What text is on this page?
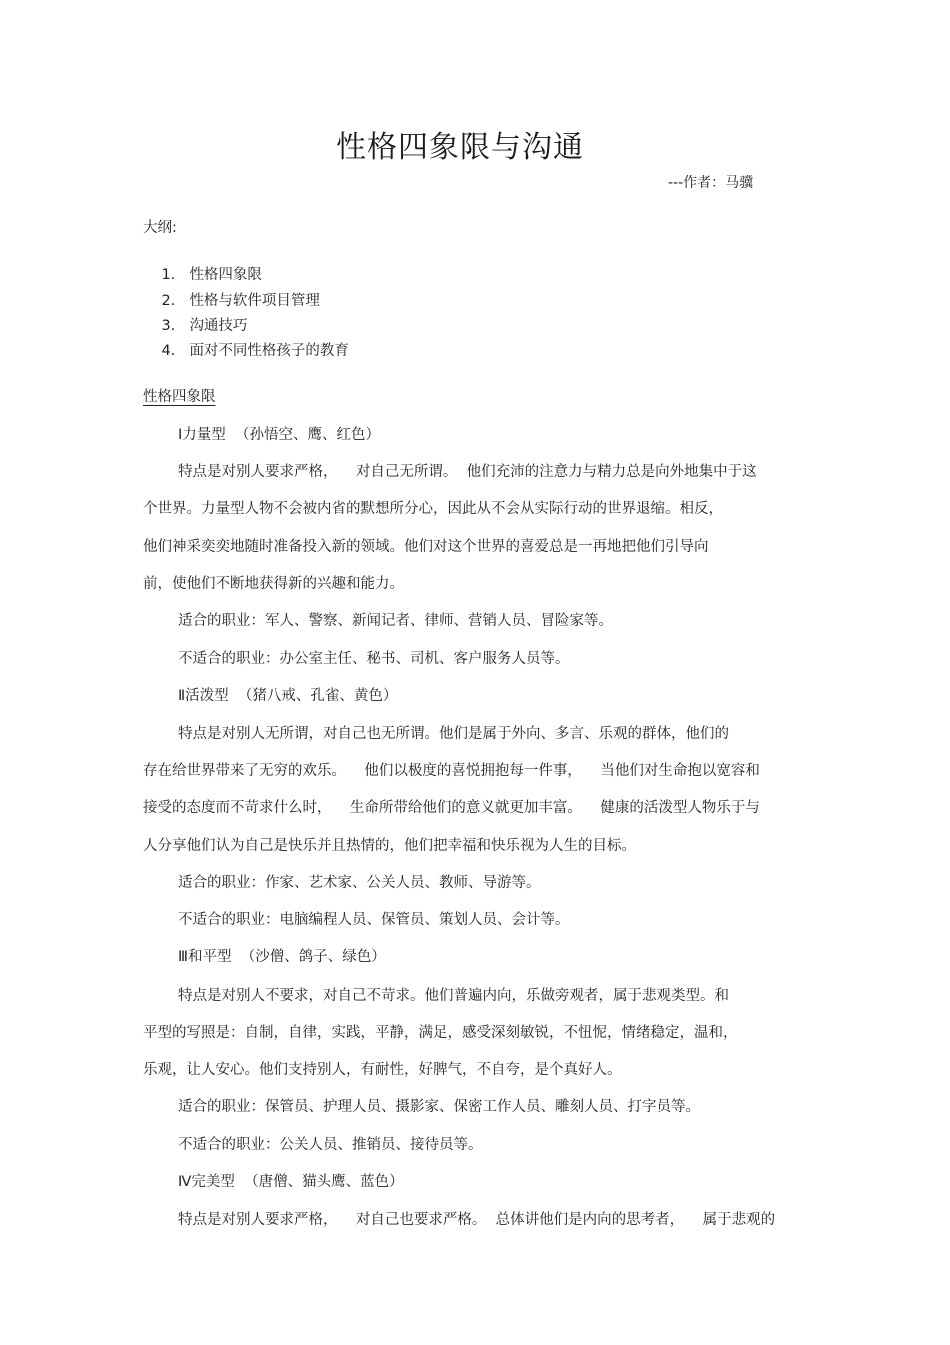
性格四象限与沟通
---作者：马骥
大纲:

1. 性格四象限

2. 性格与软件项目管理

3. 沟通技巧

4. 面对不同性格孩子的教育

性格四象限
Ⅰ力量型  （孙悟空、鹰、红色）
特点是对别人要求严格，    对自己无所谓。  他们充沛的注意力与精力总是向外地集中于这
个世界。力量型人物不会被内省的默想所分心，因此从不会从实际行动的世界退缩。相反，
他们神采奕奕地随时准备投入新的领域。他们对这个世界的喜爱总是一再地把他们引导向
前，使他们不断地获得新的兴趣和能力。
适合的职业：军人、警察、新闻记者、律师、营销人员、冒险家等。
不适合的职业：办公室主任、秘书、司机、客户服务人员等。
Ⅱ活泼型  （猪八戒、孔雀、黄色）
特点是对别人无所谓，对自己也无所谓。他们是属于外向、多言、乐观的群体，他们的
存在给世界带来了无穷的欢乐。    他们以极度的喜悦拥抱每一件事，    当他们对生命抱以宽容和
接受的态度而不苛求什么时，    生命所带给他们的意义就更加丰富。    健康的活泼型人物乐于与
人分享他们认为自己是快乐并且热情的，他们把幸福和快乐视为人生的目标。
适合的职业：作家、艺术家、公关人员、教师、导游等。
不适合的职业：电脑编程人员、保管员、策划人员、会计等。
Ⅲ和平型  （沙僧、鸽子、绿色）
特点是对别人不要求，对自己不苛求。他们普遍内向，乐做旁观者，属于悲观类型。和
平型的写照是：自制，自律，实践，平静，满足，感受深刻敏锐，不忸怩，情绪稳定，温和，
乐观，让人安心。他们支持别人，有耐性，好脾气，不自夸，是个真好人。
适合的职业：保管员、护理人员、摄影家、保密工作人员、雕刻人员、打字员等。
不适合的职业：公关人员、推销员、接待员等。
Ⅳ完美型  （唐僧、猫头鹰、蓝色）
特点是对别人要求严格，    对自己也要求严格。  总体讲他们是内向的思考者，    属于悲观的
